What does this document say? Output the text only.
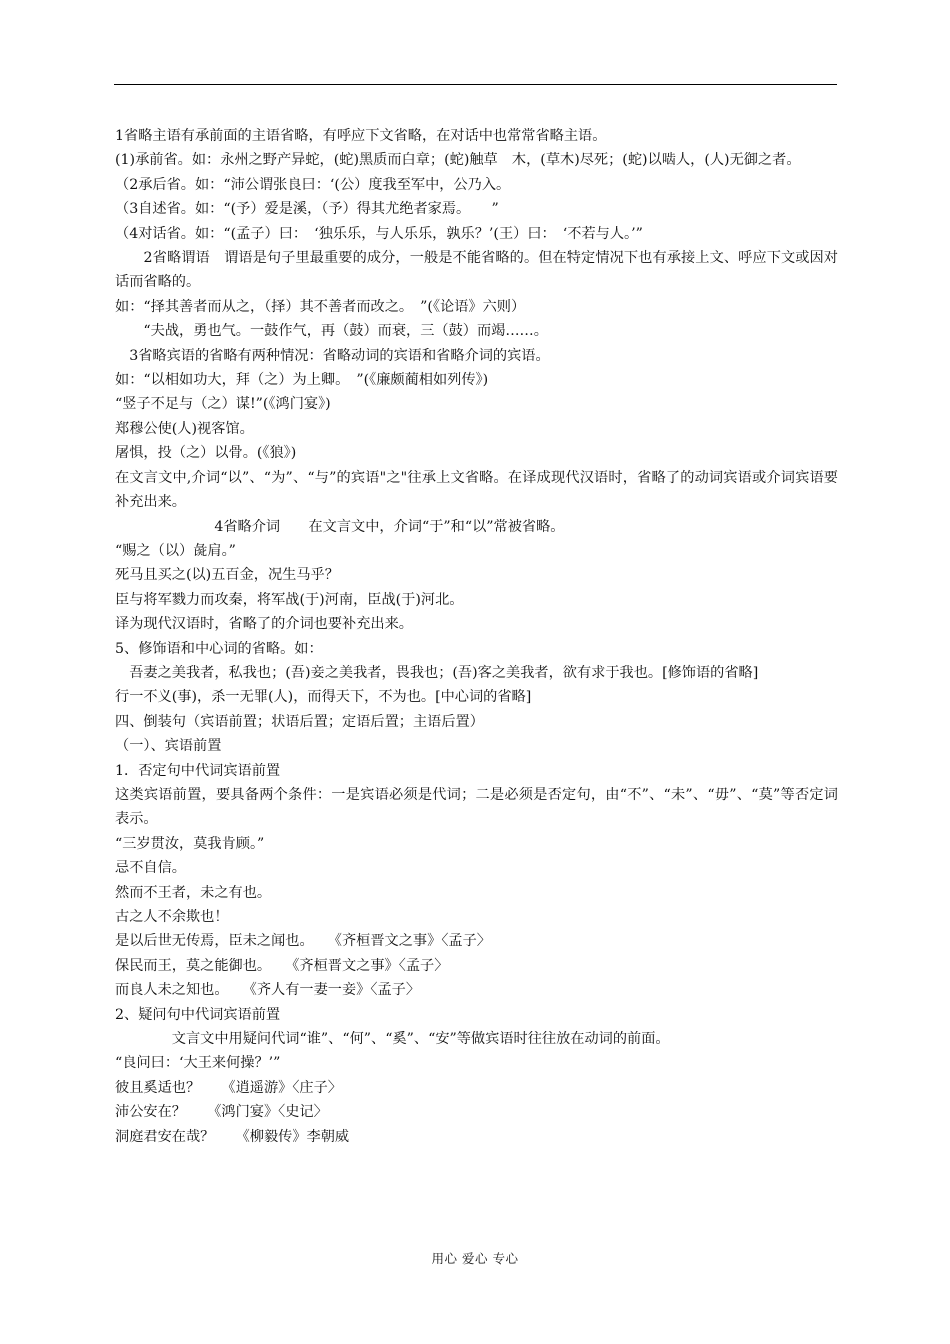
1省略主语有承前面的主语省略，有呼应下文省略，在对话中也常常省略主语。
(1)承前省。如：永州之野产异蛇，(蛇)黑质而白章；(蛇)触草　木，(草木)尽死；(蛇)以啮人，(人)无御之者。
（2承后省。如：“沛公谓张良曰：‘(公）度我至军中，公乃入。
（3自述省。如：“(予）爱是溪，（予）得其尤绝者家焉。　　”
（4对话省。如：“(孟子）曰：　‘独乐乐，与人乐乐，孰乐？’(王）曰：　‘不若与人。’”
　　2省略谓语　谓语是句子里最重要的成分，一般是不能省略的。但在特定情况下也有承接上文、呼应下文或因对话而省略的。
如：“择其善者而从之，（择）其不善者而改之。　”(《论语》六则）
　　“夫战，勇也气。一鼓作气，再（鼓）而衰，三（鼓）而竭……。
　3省略宾语的省略有两种情况：省略动词的宾语和省略介词的宾语。
如：“以相如功大，拜（之）为上卿。　”(《廉颇蔺相如列传》)
“竖子不足与（之）谋!”(《鸿门宴》)
郑穆公使(人)视客馆。
屠惧，投（之）以骨。(《狼》)
在文言文中,介词“以”、“为”、“与”的宾语"之"往承上文省略。在译成现代汉语时，省略了的动词宾语或介词宾语要补充出来。
　　　　　　　4省略介词　　在文言文中，介词“于”和“以”常被省略。
“赐之（以）彘肩。”
死马且买之(以)五百金，况生马乎？
臣与将军戮力而攻秦，将军战(于)河南，臣战(于)河北。
译为现代汉语时，省略了的介词也要补充出来。
5、修饰语和中心词的省略。如：
　吾妻之美我者，私我也；(吾)妾之美我者，畏我也；(吾)客之美我者，欲有求于我也。[修饰语的省略]
行一不义(事)，杀一无罪(人)，而得天下，不为也。[中心词的省略]
四、倒装句（宾语前置；状语后置；定语后置；主语后置）
（一）、宾语前置
1．否定句中代词宾语前置
这类宾语前置，要具备两个条件：一是宾语必须是代词；二是必须是否定句，由“不”、“未”、“毋”、“莫”等否定词表示。
“三岁贯汝，莫我肯顾。”
忌不自信。
然而不王者，未之有也。
古之人不余欺也！
是以后世无传焉，臣未之闻也。　　《齐桓晋文之事》〈孟子〉
保民而王，莫之能御也。　　《齐桓晋文之事》〈孟子〉
而良人未之知也。　　《齐人有一妻一妾》〈孟子〉
2、疑问句中代词宾语前置
　　　　文言文中用疑问代词“谁”、“何”、“奚”、“安”等做宾语时往往放在动词的前面。
“良问曰：‘大王来何操？’”
彼且奚适也？　　《逍遥游》〈庄子〉
沛公安在？　　《鸿门宴》〈史记〉
洞庭君安在哉？　　《柳毅传》李朝威
用心 爱心 专心
